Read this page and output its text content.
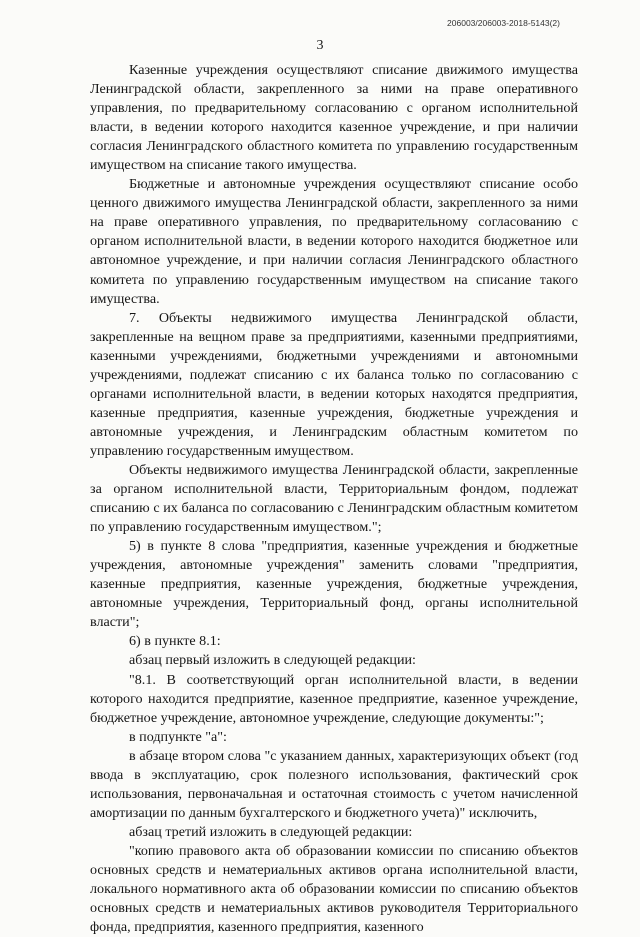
206003/206003-2018-5143(2)
3

Казенные учреждения осуществляют списание движимого имущества Ленинградской области, закрепленного за ними на праве оперативного управления, по предварительному согласованию с органом исполнительной власти, в ведении которого находится казенное учреждение, и при наличии согласия Ленинградского областного комитета по управлению государственным имуществом на списание такого имущества.

Бюджетные и автономные учреждения осуществляют списание особо ценного движимого имущества Ленинградской области, закрепленного за ними на праве оперативного управления, по предварительному согласованию с органом исполнительной власти, в ведении которого находится бюджетное или автономное учреждение, и при наличии согласия Ленинградского областного комитета по управлению государственным имуществом на списание такого имущества.

7. Объекты недвижимого имущества Ленинградской области, закрепленные на вещном праве за предприятиями, казенными предприятиями, казенными учреждениями, бюджетными учреждениями и автономными учреждениями, подлежат списанию с их баланса только по согласованию с органами исполнительной власти, в ведении которых находятся предприятия, казенные предприятия, казенные учреждения, бюджетные учреждения и автономные учреждения, и Ленинградским областным комитетом по управлению государственным имуществом.

Объекты недвижимого имущества Ленинградской области, закрепленные за органом исполнительной власти, Территориальным фондом, подлежат списанию с их баланса по согласованию с Ленинградским областным комитетом по управлению государственным имуществом.";

5) в пункте 8 слова "предприятия, казенные учреждения и бюджетные учреждения, автономные учреждения" заменить словами "предприятия, казенные предприятия, казенные учреждения, бюджетные учреждения, автономные учреждения, Территориальный фонд, органы исполнительной власти";

6) в пункте 8.1:

абзац первый изложить в следующей редакции:

"8.1. В соответствующий орган исполнительной власти, в ведении которого находится предприятие, казенное предприятие, казенное учреждение, бюджетное учреждение, автономное учреждение, следующие документы:";

в подпункте "а":

в абзаце втором слова "с указанием данных, характеризующих объект (год ввода в эксплуатацию, срок полезного использования, фактический срок использования, первоначальная и остаточная стоимость с учетом начисленной амортизации по данным бухгалтерского и бюджетного учета)" исключить,

абзац третий изложить в следующей редакции:

"копию правового акта об образовании комиссии по списанию объектов основных средств и нематериальных активов органа исполнительной власти, локального нормативного акта об образовании комиссии по списанию объектов основных средств и нематериальных активов руководителя Территориального фонда, предприятия, казенного предприятия, казенного
